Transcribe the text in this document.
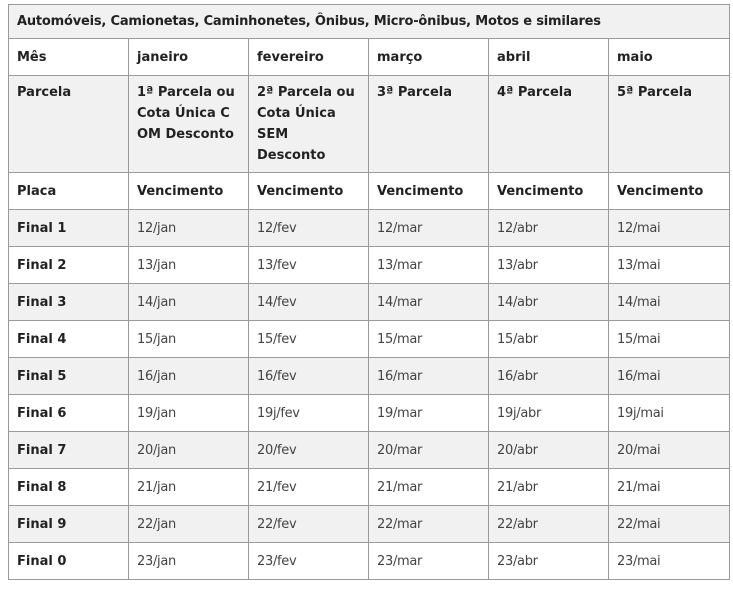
Automóveis, Camionetas, Caminhonetes, Ônibus, Micro-ônibus, Motos e similares					
Mês	janeiro	fevereiro	março	abril	maio
Parcela	1ª Parcela ou Cota Única COM Desconto	2ª Parcela ou Cota Única SEM Desconto	3ª Parcela	4ª Parcela	5ª Parcela
Placa	Vencimento	Vencimento	Vencimento	Vencimento	Vencimento
Final 1	12/jan	12/fev	12/mar	12/abr	12/mai
Final 2	13/jan	13/fev	13/mar	13/abr	13/mai
Final 3	14/jan	14/fev	14/mar	14/abr	14/mai
Final 4	15/jan	15/fev	15/mar	15/abr	15/mai
Final 5	16/jan	16/fev	16/mar	16/abr	16/mai
Final 6	19/jan	19j/fev	19/mar	19j/abr	19j/mai
Final 7	20/jan	20/fev	20/mar	20/abr	20/mai
Final 8	21/jan	21/fev	21/mar	21/abr	21/mai
Final 9	22/jan	22/fev	22/mar	22/abr	22/mai
Final 0	23/jan	23/fev	23/mar	23/abr	23/mai
